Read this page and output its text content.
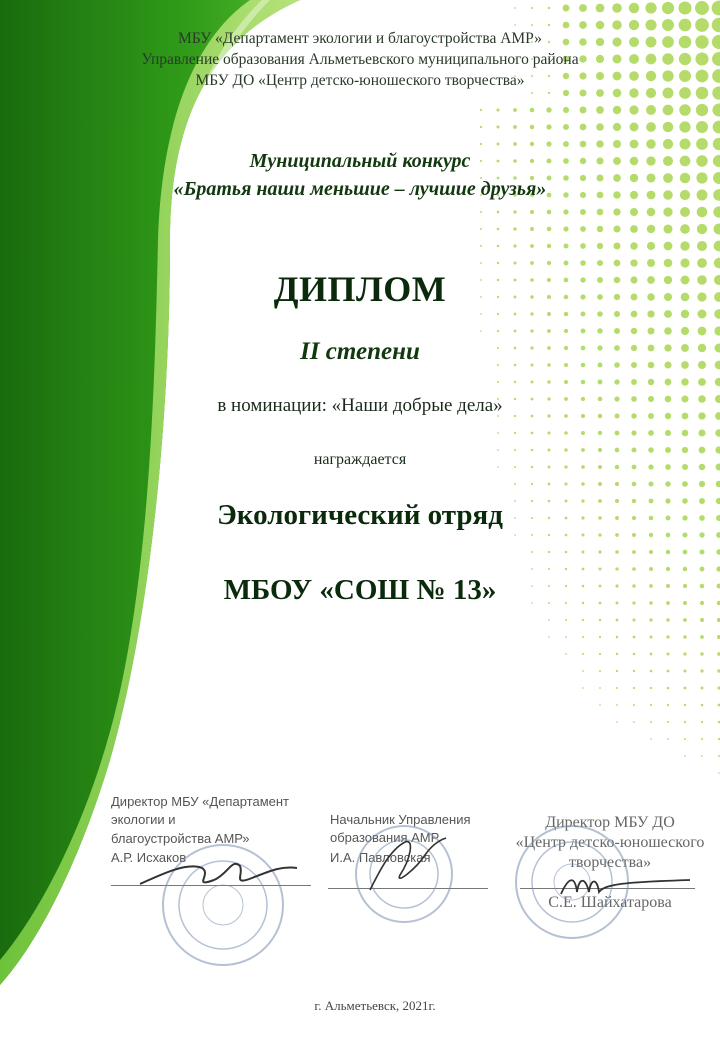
МБУ «Департамент экологии и благоустройства АМР»
Управление образования Альметьевского муниципального района
МБУ ДО «Центр детско-юношеского творчества»
Муниципальный конкурс
«Братья наши меньшие – лучшие друзья»
ДИПЛОМ
II степени
в номинации: «Наши добрые дела»
награждается
Экологический отряд
МБОУ «СОШ № 13»
Директор МБУ «Департамент
экологии и
благоустройства АМР»
А.Р. Исхаков
Начальник Управления
образования АМР
И.А. Павловская
Директор МБУ ДО
«Центр детско-юношеского
творчества»
С.Е. Шайхатарова
г. Альметьевск, 2021г.
